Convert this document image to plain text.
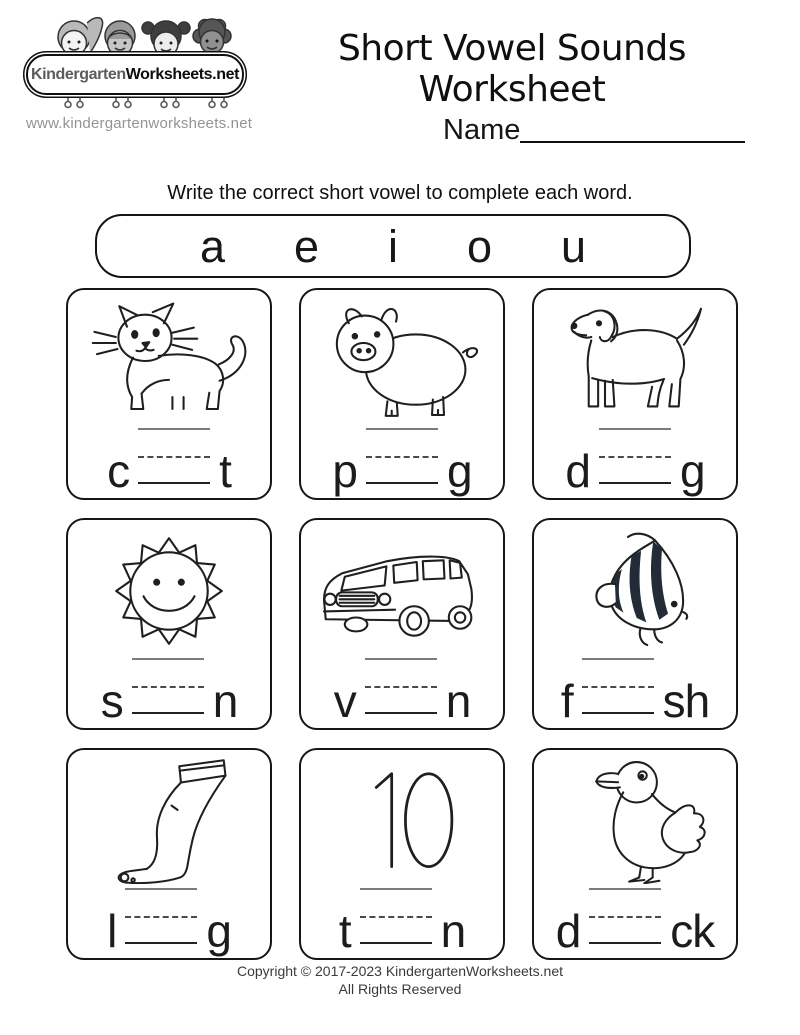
Kindergarten Worksheets.net
www.kindergartenworksheets.net
Short Vowel Sounds Worksheet
Name
Write the correct short vowel to complete each word.
a e i o u
c t p g d g
s n v n f sh
l g t n d ck
Copyright © 2017-2023 KindergartenWorksheets.net
All Rights Reserved
